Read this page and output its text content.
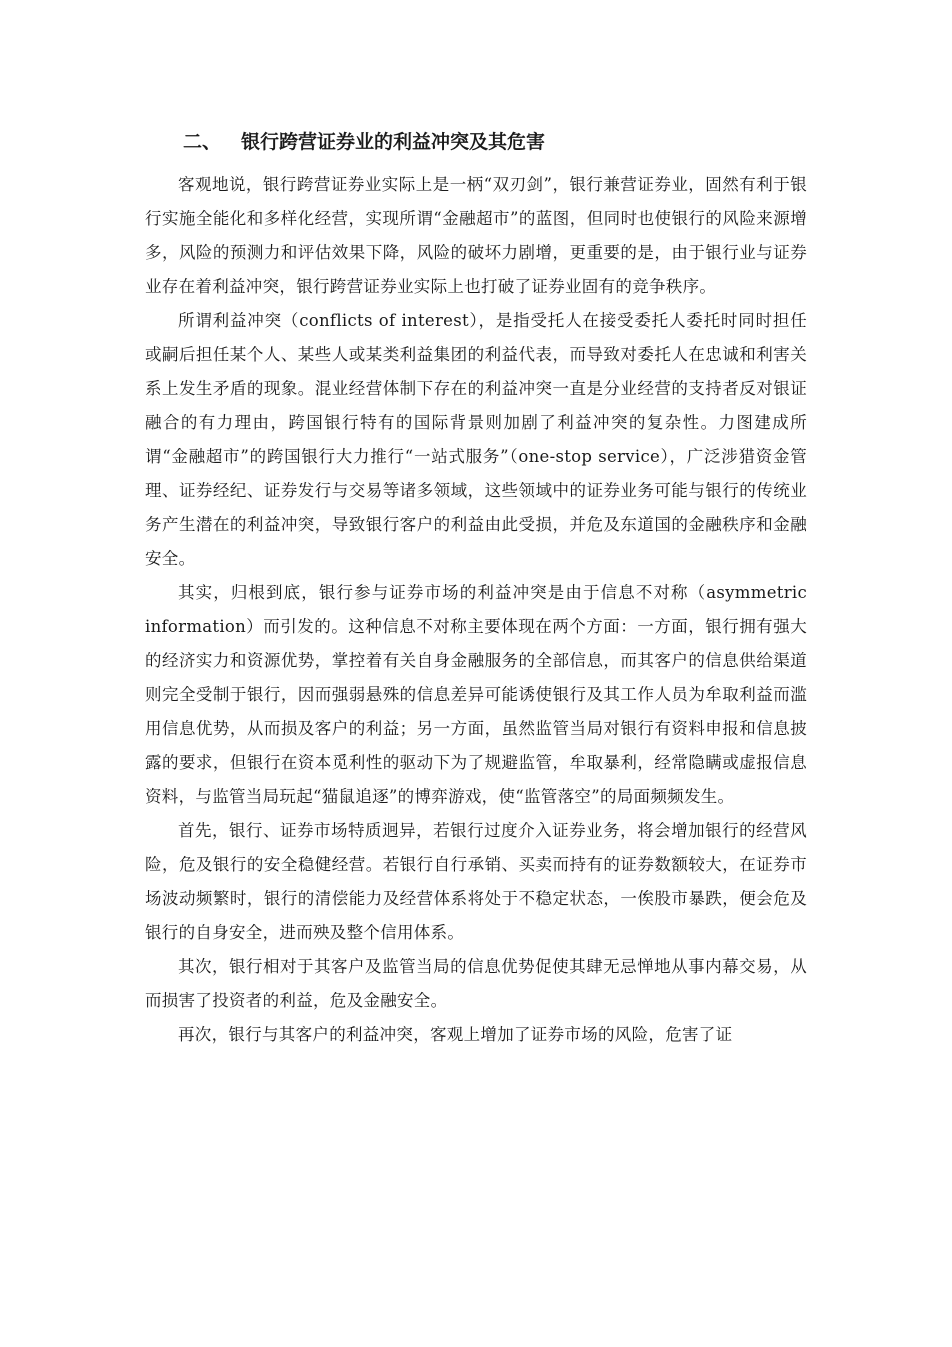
二、 银行跨营证券业的利益冲突及其危害

客观地说，银行跨营证券业实际上是一柄“双刃剑”，银行兼营证券业，固然有利于银行实施全能化和多样化经营，实现所谓“金融超市”的蓝图，但同时也使银行的风险来源增多，风险的预测力和评估效果下降，风险的破坏力剧增，更重要的是，由于银行业与证券业存在着利益冲突，银行跨营证券业实际上也打破了证券业固有的竞争秩序。

所谓利益冲突（conflicts of interest），是指受托人在接受委托人委托时同时担任或嗣后担任某个人、某些人或某类利益集团的利益代表，而导致对委托人在忠诚和利害关系上发生矛盾的现象。混业经营体制下存在的利益冲突一直是分业经营的支持者反对银证融合的有力理由，跨国银行特有的国际背景则加剧了利益冲突的复杂性。力图建成所谓“金融超市”的跨国银行大力推行“一站式服务”（one-stop service），广泛涉猎资金管理、证券经纪、证券发行与交易等诸多领域，这些领域中的证券业务可能与银行的传统业务产生潜在的利益冲突，导致银行客户的利益由此受损，并危及东道国的金融秩序和金融安全。

其实，归根到底，银行参与证券市场的利益冲突是由于信息不对称（asymmetric information）而引发的。这种信息不对称主要体现在两个方面：一方面，银行拥有强大的经济实力和资源优势，掌控着有关自身金融服务的全部信息，而其客户的信息供给渠道则完全受制于银行，因而强弱悬殊的信息差异可能诱使银行及其工作人员为牟取利益而滥用信息优势，从而损及客户的利益；另一方面，虽然监管当局对银行有资料申报和信息披露的要求，但银行在资本觅利性的驱动下为了规避监管，牟取暴利，经常隐瞒或虚报信息资料，与监管当局玩起“猫鼠追逐”的博弈游戏，使“监管落空”的局面频频发生。

首先，银行、证券市场特质迥异，若银行过度介入证券业务，将会增加银行的经营风险，危及银行的安全稳健经营。若银行自行承销、买卖而持有的证券数额较大，在证券市场波动频繁时，银行的清偿能力及经营体系将处于不稳定状态，一俟股市暴跌，便会危及银行的自身安全，进而殃及整个信用体系。

其次，银行相对于其客户及监管当局的信息优势促使其肆无忌惮地从事内幕交易，从而损害了投资者的利益，危及金融安全。

再次，银行与其客户的利益冲突，客观上增加了证券市场的风险，危害了证
